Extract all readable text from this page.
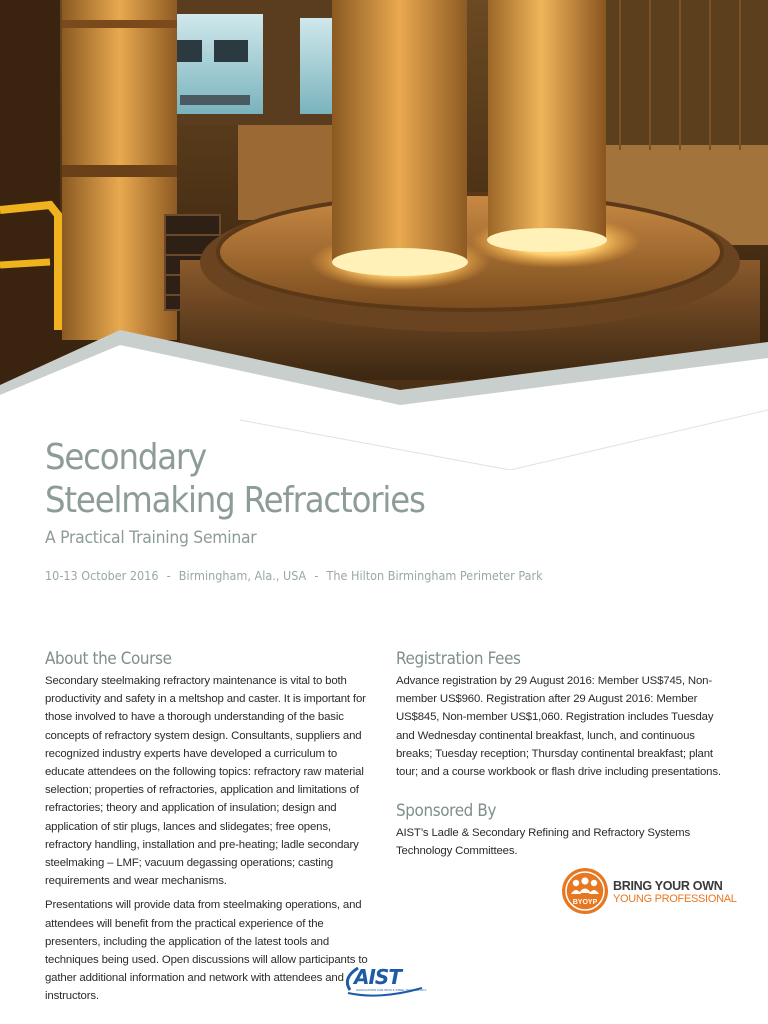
Secondary
Steelmaking Refractories
A Practical Training Seminar
10-13 October 2016 - Birmingham, Ala., USA - The Hilton Birmingham Perimeter Park
About the Course

Secondary steelmaking refractory maintenance is vital to both productivity and safety in a meltshop and caster. It is important for those involved to have a thorough understanding of the basic concepts of refractory system design. Consultants, suppliers and recognized industry experts have developed a curriculum to educate attendees on the following topics: refractory raw material selection; properties of refractories, application and limitations of refractories; theory and application of insulation; design and application of stir plugs, lances and slidegates; free opens, refractory handling, installation and pre-heating; ladle secondary steelmaking – LMF; vacuum degassing operations; casting requirements and wear mechanisms.

Presentations will provide data from steelmaking operations, and attendees will benefit from the practical experience of the presenters, including the application of the latest tools and techniques being used. Open discussions will allow participants to gather additional information and network with attendees and instructors.

Registration Fees

Advance registration by 29 August 2016: Member US$745, Non-member US$960. Registration after 29 August 2016: Member US$845, Non-member US$1,060. Registration includes Tuesday and Wednesday continental breakfast, lunch, and continuous breaks; Tuesday reception; Thursday continental breakfast; plant tour; and a course workbook or flash drive including presentations.

Sponsored By

AIST’s Ladle & Secondary Refining and Refractory Systems Technology Committees.

BYOYP
BRING YOUR OWN
YOUNG PROFESSIONAL
AIST
ASSOCIATION FOR IRON & STEEL TECHNOLOGY
